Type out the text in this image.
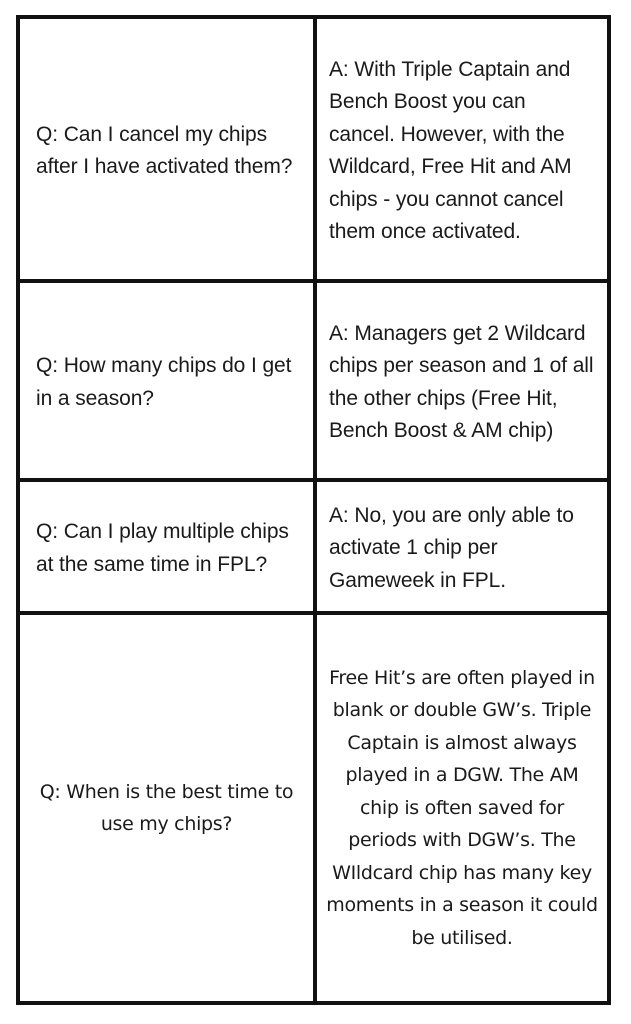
Q: Can I cancel my chips after I have activated them?
A: With Triple Captain and Bench Boost you can cancel. However, with the Wildcard, Free Hit and AM chips - you cannot cancel them once activated.
Q: How many chips do I get in a season?
A: Managers get 2 Wildcard chips per season and 1 of all the other chips (Free Hit, Bench Boost & AM chip)
Q: Can I play multiple chips at the same time in FPL?
A: No, you are only able to activate 1 chip per Gameweek in FPL.
Q: When is the best time to use my chips?
Free Hit’s are often played in blank or double GW’s. Triple Captain is almost always played in a DGW. The AM chip is often saved for periods with DGW’s. The WIldcard chip has many key moments in a season it could be utilised.
